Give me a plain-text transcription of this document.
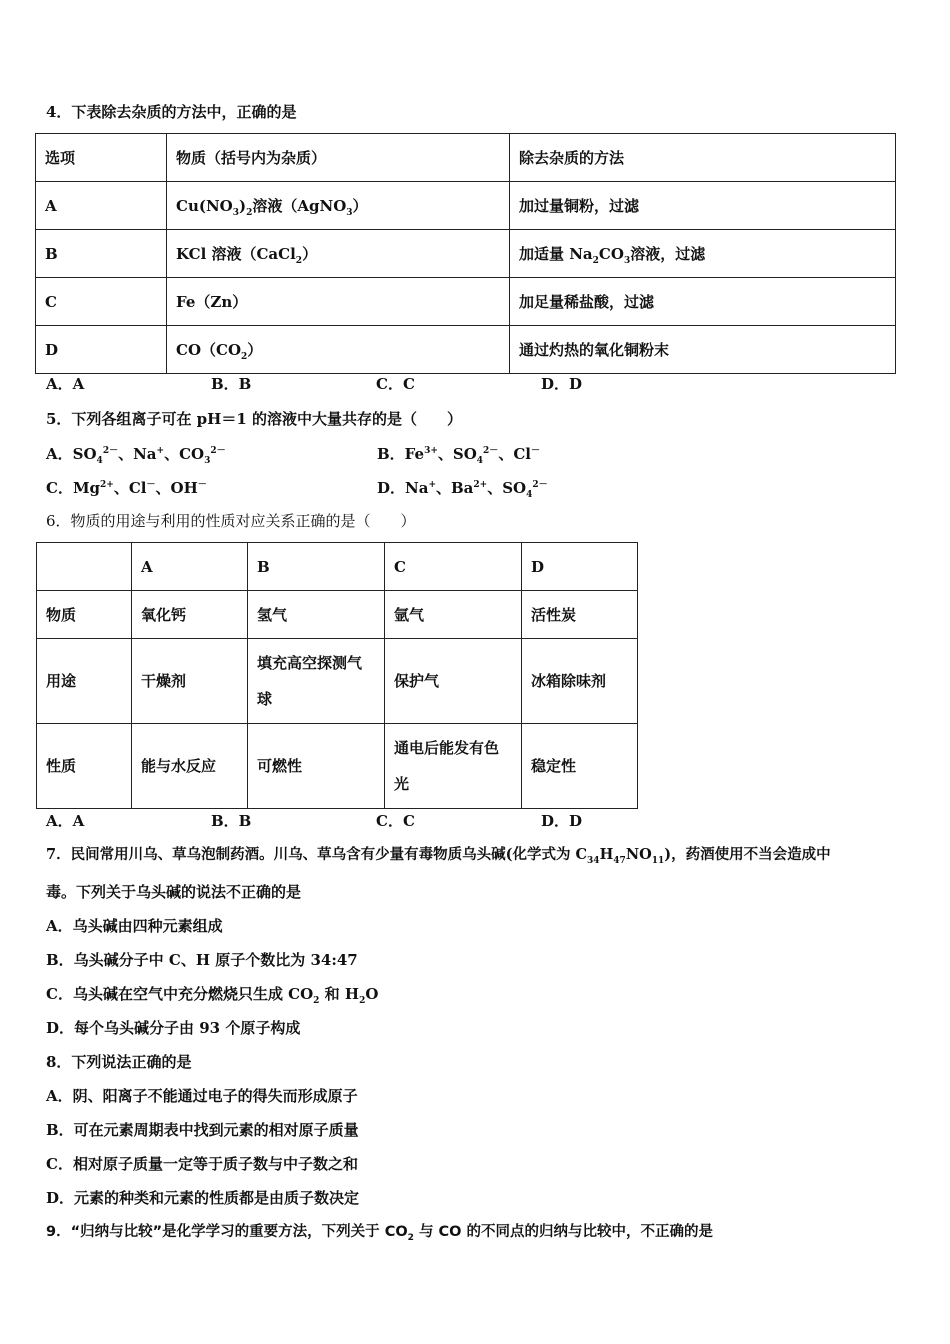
4．下表除去杂质的方法中，正确的是
选项	物质（括号内为杂质）	除去杂质的方法
A	$Cu(NO_3)_2$溶液（AgNO$_3$）	加过量铜粉，过滤
B	KCl 溶液（CaCl$_2$）	加适量 $Na_2CO_3$溶液，过滤
C	Fe（Zn）	加足量稀盐酸，过滤
D	$CO(CO_2)$	通过灼热的氧化铜粉末
A．A	B．B	C．C	D．D
5．下列各组离子可在 pH＝1 的溶液中大量共存的是（　　）
A．$SO_4^{2-}$、Na+、$CO_3^{2-}$	B．$Fe^{3+}$、$SO_4^{2-}$、Cl－
C．$Mg^{2+}$、Cl－、OH－	D．Na+、$Ba^{2+}$、$SO_4^{2-}$
6．物质的用途与利用的性质对应关系正确的是（　　）
	A	B	C	D
物质	氧化钙	氢气	氩气	活性炭
用途	干燥剂	填充高空探测气球	保护气	冰箱除味剂
性质	能与水反应	可燃性	通电后能发有色光	稳定性
A．A	B．B	C．C	D．D
7．民间常用川乌、草乌泡制药酒。川乌、草乌含有少量有毒物质乌头碱(化学式为 $C_{34}H_{47}NO_{11}$)，药酒使用不当会造成中
毒。下列关于乌头碱的说法不正确的是
A．乌头碱由四种元素组成
B．乌头碱分子中 C、H 原子个数比为 34:47
C．乌头碱在空气中充分燃烧只生成 $CO_2$ 和 $H_2O$
D．每个乌头碱分子由 93 个原子构成
8．下列说法正确的是
A．阴、阳离子不能通过电子的得失而形成原子
B．可在元素周期表中找到元素的相对原子质量
C．相对原子质量一定等于质子数与中子数之和
D．元素的种类和元素的性质都是由质子数决定
9．“归纳与比较”是化学学习的重要方法，下列关于 $CO_2$ 与 CO 的不同点的归纳与比较中，不正确的是
